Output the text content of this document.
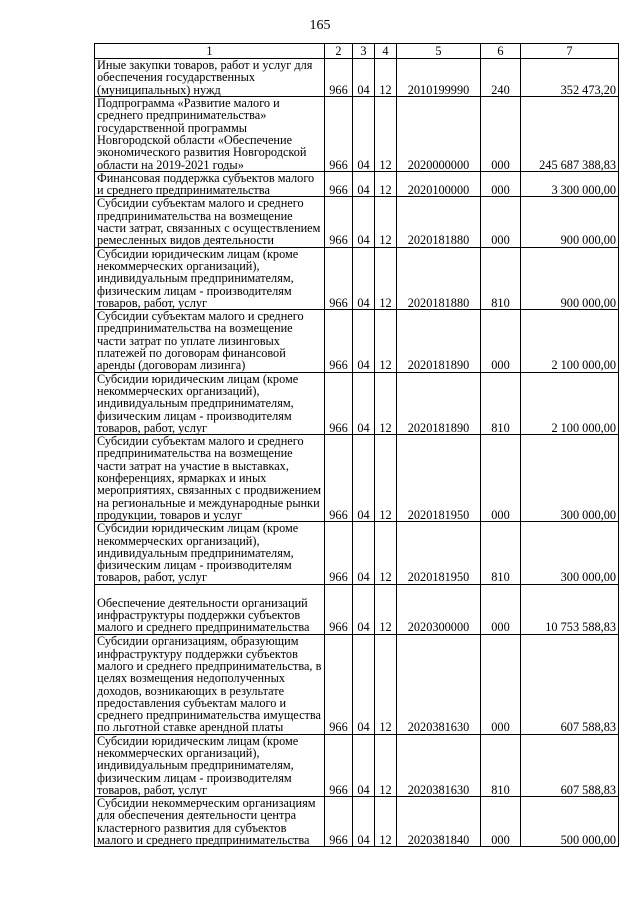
165
1	2	3	4	5	6	7
Иные закупки товаров, работ и услуг для обеспечения государственных (муниципальных) нужд	966	04	12	2010199990	240	352 473,20
Подпрограмма «Развитие малого и среднего предпринимательства» государственной программы Новгородской области «Обеспечение экономического развития Новгородской области на 2019-2021 годы»	966	04	12	2020000000	000	245 687 388,83
Финансовая поддержка субъектов малого и среднего предпринимательства	966	04	12	2020100000	000	3 300 000,00
Субсидии субъектам малого и среднего предпринимательства на возмещение части затрат, связанных с осуществлением ремесленных видов деятельности	966	04	12	2020181880	000	900 000,00
Субсидии юридическим лицам (кроме некоммерческих организаций), индивидуальным предпринимателям, физическим лицам - производителям товаров, работ, услуг	966	04	12	2020181880	810	900 000,00
Субсидии субъектам малого и среднего предпринимательства на возмещение части затрат по уплате лизинговых платежей по договорам финансовой аренды (договорам лизинга)	966	04	12	2020181890	000	2 100 000,00
Субсидии юридическим лицам (кроме некоммерческих организаций), индивидуальным предпринимателям, физическим лицам - производителям товаров, работ, услуг	966	04	12	2020181890	810	2 100 000,00
Субсидии субъектам малого и среднего предпринимательства на возмещение части затрат на участие в выставках, конференциях, ярмарках и иных мероприятиях, связанных с продвижением на региональные и международные рынки продукции, товаров и услуг	966	04	12	2020181950	000	300 000,00
Субсидии юридическим лицам (кроме некоммерческих организаций), индивидуальным предпринимателям, физическим лицам - производителям товаров, работ, услуг	966	04	12	2020181950	810	300 000,00
Обеспечение деятельности организаций инфраструктуры поддержки субъектов малого и среднего предпринимательства	966	04	12	2020300000	000	10 753 588,83
Субсидии организациям, образующим инфраструктуру поддержки субъектов малого и среднего предпринимательства, в целях возмещения недополученных доходов, возникающих в результате предоставления субъектам малого и среднего предпринимательства имущества по льготной ставке арендной платы	966	04	12	2020381630	000	607 588,83
Субсидии юридическим лицам (кроме некоммерческих организаций), индивидуальным предпринимателям, физическим лицам - производителям товаров, работ, услуг	966	04	12	2020381630	810	607 588,83
Субсидии некоммерческим организациям для обеспечения деятельности центра кластерного развития для субъектов малого и среднего предпринимательства	966	04	12	2020381840	000	500 000,00
